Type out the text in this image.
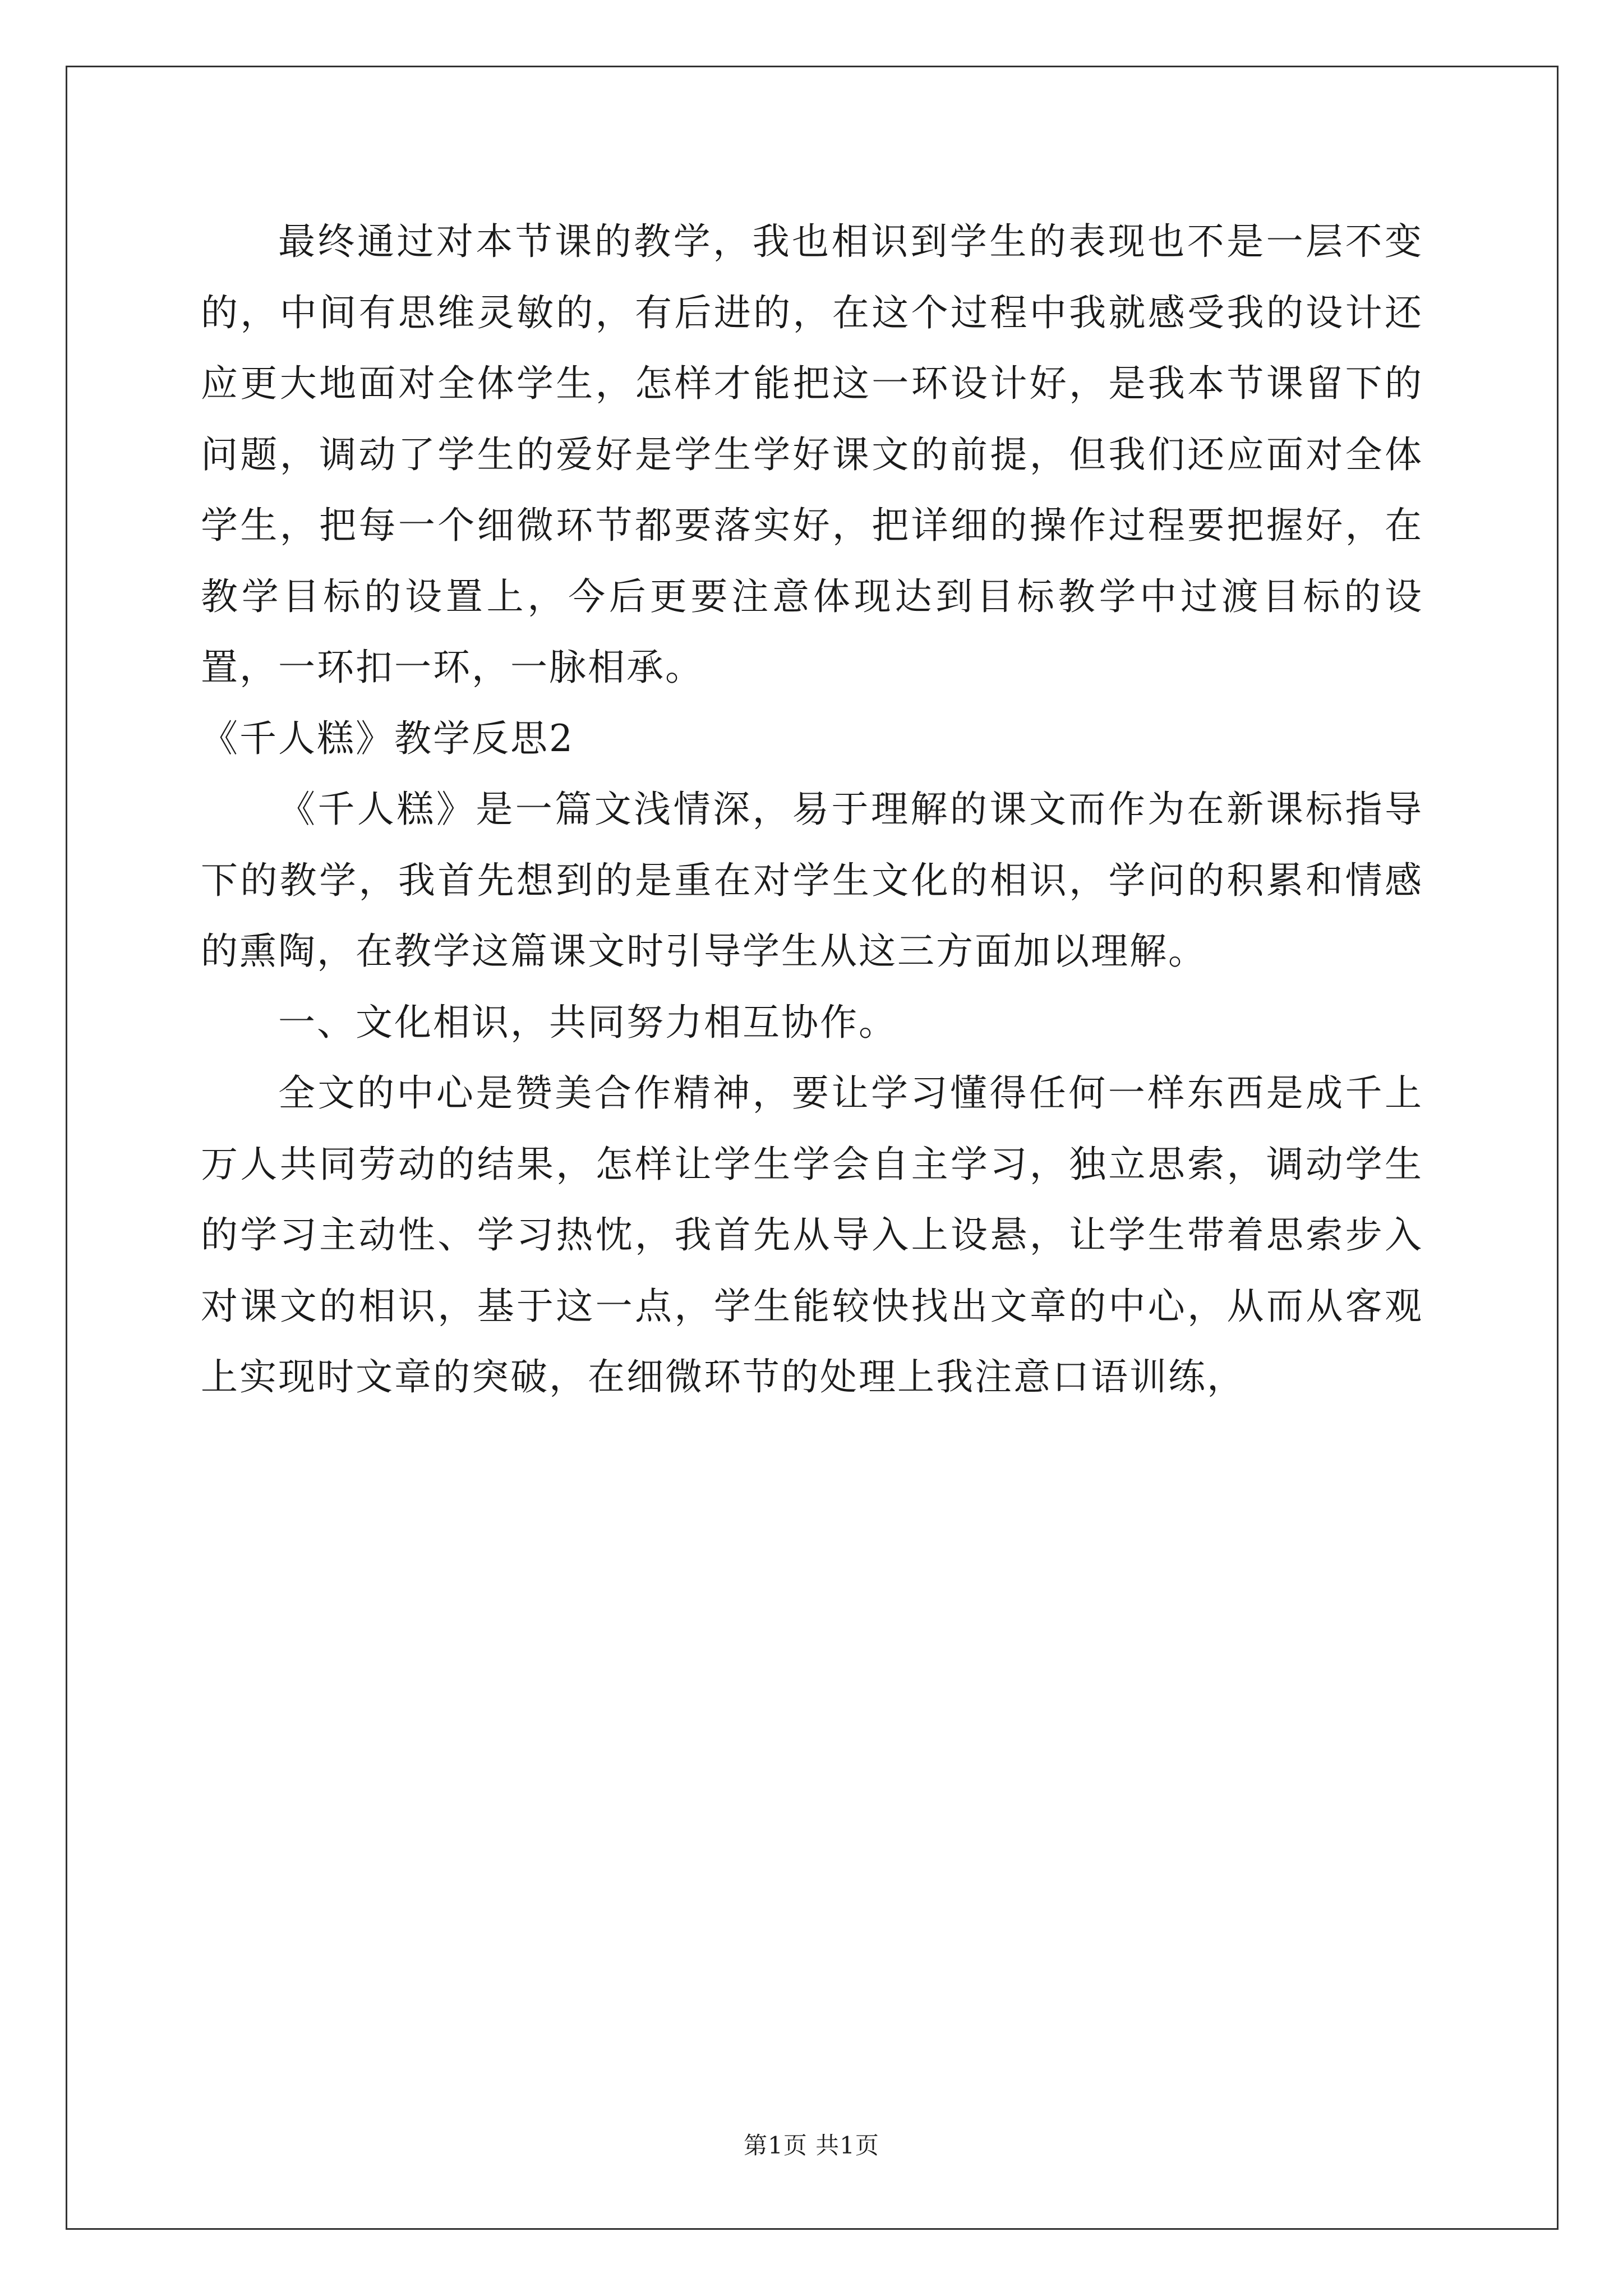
最终通过对本节课的教学，我也相识到学生的表现也不是一层不变的，中间有思维灵敏的，有后进的，在这个过程中我就感受我的设计还应更大地面对全体学生，怎样才能把这一环设计好，是我本节课留下的问题，调动了学生的爱好是学生学好课文的前提，但我们还应面对全体学生，把每一个细微环节都要落实好，把详细的操作过程要把握好，在教学目标的设置上，今后更要注意体现达到目标教学中过渡目标的设置，一环扣一环，一脉相承。

《千人糕》教学反思2

《千人糕》是一篇文浅情深，易于理解的课文而作为在新课标指导下的教学，我首先想到的是重在对学生文化的相识，学问的积累和情感的熏陶，在教学这篇课文时引导学生从这三方面加以理解。

一、文化相识，共同努力相互协作。

全文的中心是赞美合作精神，要让学习懂得任何一样东西是成千上万人共同劳动的结果，怎样让学生学会自主学习，独立思索，调动学生的学习主动性、学习热忱，我首先从导入上设悬，让学生带着思索步入对课文的相识，基于这一点，学生能较快找出文章的中心，从而从客观上实现时文章的突破，在细微环节的处理上我注意口语训练，

第1页 共1页
